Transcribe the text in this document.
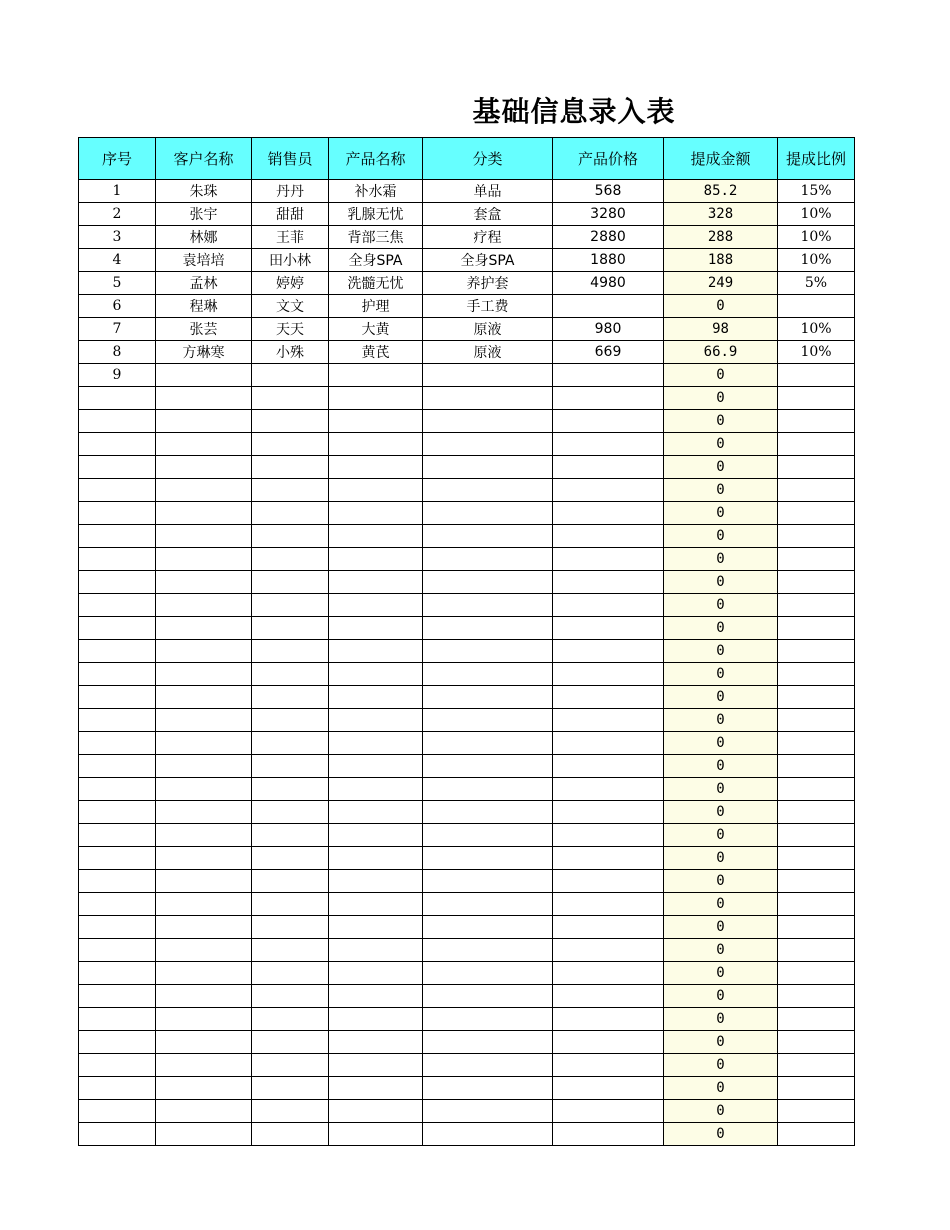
基础信息录入表
序号	客户名称	销售员	产品名称	分类	产品价格	提成金额	提成比例
1	朱珠	丹丹	补水霜	单品	568	85.2	15%
2	张宇	甜甜	乳腺无忧	套盒	3280	328	10%
3	林娜	王菲	背部三焦	疗程	2880	288	10%
4	袁培培	田小林	全身SPA	全身SPA	1880	188	10%
5	孟林	婷婷	洗髓无忧	养护套	4980	249	5%
6	程琳	文文	护理	手工费		0	
7	张芸	天天	大黄	原液	980	98	10%
8	方琳寒	小殊	黄芪	原液	669	66.9	10%
9						0	
						0	
						0	
						0	
						0	
						0	
						0	
						0	
						0	
						0	
						0	
						0	
						0	
						0	
						0	
						0	
						0	
						0	
						0	
						0	
						0	
						0	
						0	
						0	
						0	
						0	
						0	
						0	
						0	
						0	
						0	
						0	
						0	
						0	
